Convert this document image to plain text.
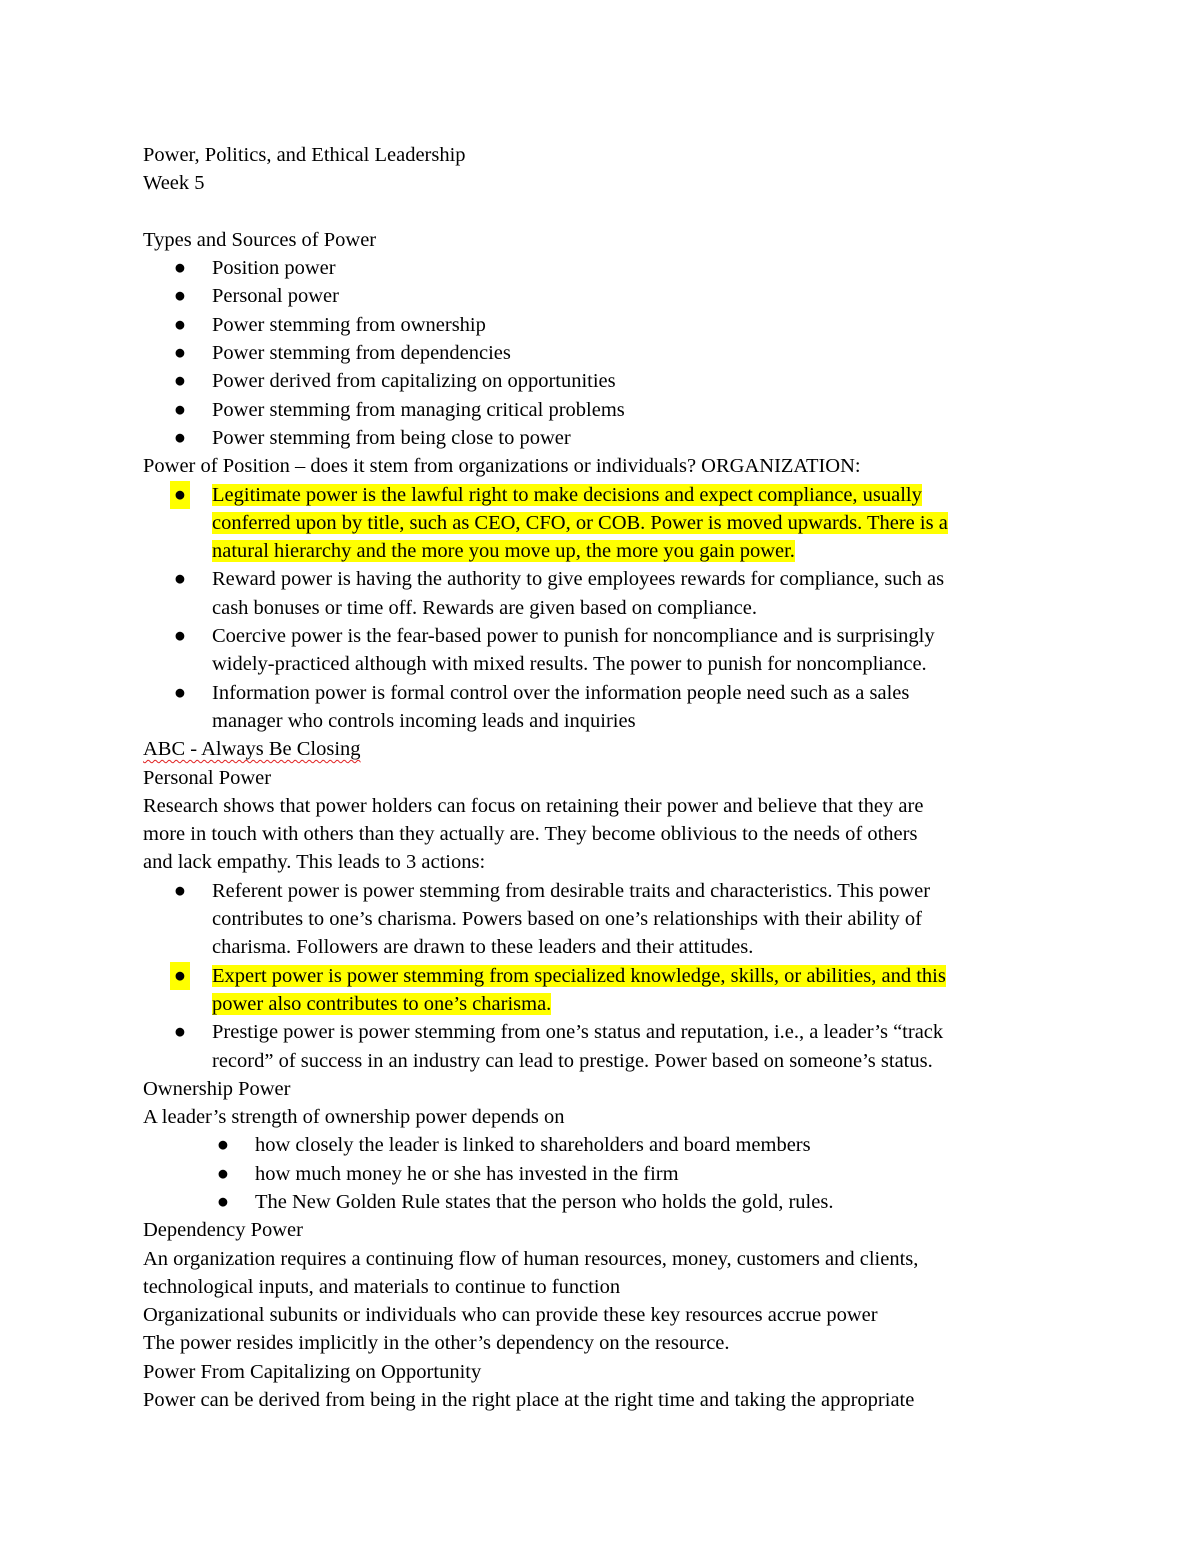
Power, Politics, and Ethical Leadership
Week 5
Types and Sources of Power
● Position power
● Personal power
● Power stemming from ownership
● Power stemming from dependencies
● Power derived from capitalizing on opportunities
● Power stemming from managing critical problems
● Power stemming from being close to power
Power of Position – does it stem from organizations or individuals? ORGANIZATION:
● Legitimate power is the lawful right to make decisions and expect compliance, usually
conferred upon by title, such as CEO, CFO, or COB. Power is moved upwards. There is a
natural hierarchy and the more you move up, the more you gain power.
● Reward power is having the authority to give employees rewards for compliance, such as
cash bonuses or time off. Rewards are given based on compliance.
● Coercive power is the fear-based power to punish for noncompliance and is surprisingly
widely-practiced although with mixed results. The power to punish for noncompliance.
● Information power is formal control over the information people need such as a sales
manager who controls incoming leads and inquiries
ABC - Always Be Closing
Personal Power
Research shows that power holders can focus on retaining their power and believe that they are
more in touch with others than they actually are. They become oblivious to the needs of others
and lack empathy. This leads to 3 actions:
● Referent power is power stemming from desirable traits and characteristics. This power
contributes to one’s charisma. Powers based on one’s relationships with their ability of
charisma. Followers are drawn to these leaders and their attitudes.
● Expert power is power stemming from specialized knowledge, skills, or abilities, and this
power also contributes to one’s charisma.
● Prestige power is power stemming from one’s status and reputation, i.e., a leader’s “track
record” of success in an industry can lead to prestige. Power based on someone’s status.
Ownership Power
A leader’s strength of ownership power depends on
● how closely the leader is linked to shareholders and board members
● how much money he or she has invested in the firm
● The New Golden Rule states that the person who holds the gold, rules.
Dependency Power
An organization requires a continuing flow of human resources, money, customers and clients,
technological inputs, and materials to continue to function
Organizational subunits or individuals who can provide these key resources accrue power
The power resides implicitly in the other’s dependency on the resource.
Power From Capitalizing on Opportunity
Power can be derived from being in the right place at the right time and taking the appropriate
